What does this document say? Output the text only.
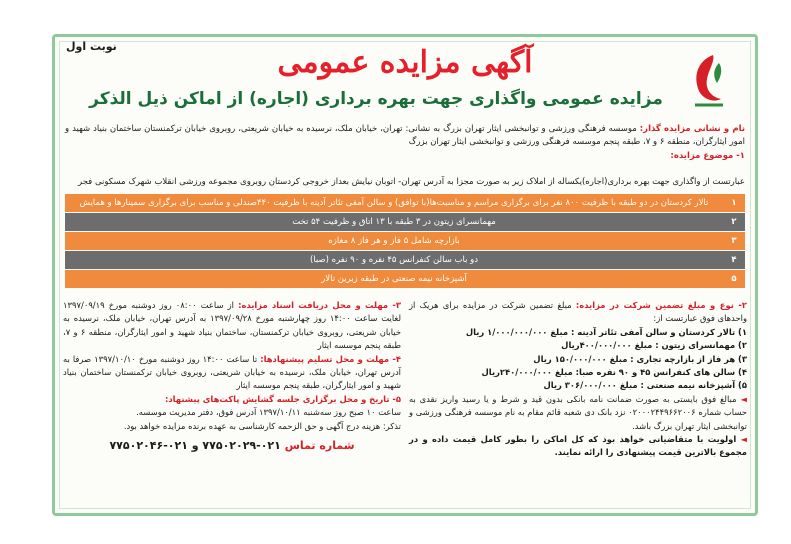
آگهی مزایده عمومی
مزایده عمومی واگذاری جهت بهره برداری (اجاره) از اماکن ذیل الذکر
نام و نشانی مزایده گذار: موسسه فرهنگی ورزشی و توانبخشی ایثار تهران بزرگ به نشانی: تهران، خیابان ملک، نرسیده به خیابان شریعتی، روبروی خیابان ترکمنستان ساختمان بنیاد شهید و امور ایثارگران، منطقه ۶ و ۷، طبقه پنجم موسسه فرهنگی ورزشی و توانبخشی ایثار تهران بزرگ
۱- موضوع مزایده:
عبارتست از واگذاری جهت بهره برداری(اجاره)یکساله از املاک زیر به صورت مجزا به آدرس تهران- اتوبان نیایش بعداز خروجی کردستان روبروی مجموعه ورزشی انقلاب شهرک مسکونی فجر
۱
تالار کردستان در دو طبقه با ظرفیت ۸۰۰ نفر برای برگزاری مراسم و مناسبت‌ها(با توافق) و سالن آمفی تئاتر آدینه با ظرفیت ۴۴۰صندلی و مناسب برای برگزاری سمینارها و همایش
۲
مهمانسرای زیتون در ۳ طبقه با ۱۳ اتاق و ظرفیت ۵۴ تخت
۳
بازارچه شامل ۵ فاز و هر فاز ۸ مغازه
۴
دو باب سالن کنفرانس ۴۵ نفره و ۹۰ نفره (صبا)
۵
آشپزخانه نیمه صنعتی در طبقه زیرین تالار
۲- نوع و مبلغ تضمین شرکت در مزایده: مبلغ تضمین شرکت در مزایده برای هریک از واحدهای فوق عبارتست از:
۱) تالار کردستان و سالن آمفی تئاتر آدینه : مبلغ ۱/۰۰۰/۰۰۰/۰۰۰ ریال
۲) مهمانسرای زیتون : مبلغ ۴۰۰/۰۰۰/۰۰۰ریال
۳) هر فاز از بازارچه تجاری : مبلغ ۱۵۰/۰۰۰/۰۰۰ ریال
۴) سالن های کنفرانس ۴۵ و ۹۰ نفره صبا: مبلغ ۲۴۰/۰۰۰/۰۰۰ریال
۵) آشپزخانه نیمه صنعتی : مبلغ ۳۰۶/۰۰۰/۰۰۰ ریال
◄ مبالغ فوق بایستی به صورت ضمانت نامه بانکی بدون قید و شرط و یا رسید واریز نقدی به حساب شماره ۰۲۰۰۰۲۴۴۹۶۶۲۰۰۶ نزد بانک دی شعبه قائم مقام به نام موسسه فرهنگی ورزشی و توانبخشی ایثار تهران بزرگ باشد.
◄ اولویت با متقاضیانی خواهد بود که کل اماکن را بطور کامل قیمت داده و در مجموع بالاترین قیمت پیشنهادی را ارائه نمایند.
۳- مهلت و محل دریافت اسناد مزایده: از ساعت ۰۸:۰۰ روز دوشنبه مورخ ۱۳۹۷/۰۹/۱۹ لغایت ساعت ۱۴:۰۰ روز چهارشنبه مورخ ۱۳۹۷/۰۹/۲۸ به آدرس تهران، خیابان ملک، نرسیده به خیابان شریعتی، روبروی خیابان ترکمنستان، ساختمان بنیاد شهید و امور ایثارگران، منطقه ۶ و ۷، طبقه پنجم موسسه ایثار
۴- مهلت و محل تسلیم پیشنهادها: تا ساعت ۱۴:۰۰ روز دوشنبه مورخ ۱۳۹۷/۱۰/۱۰ صرفا به آدرس تهران، خیابان ملک، نرسیده به خیابان شریعتی، روبروی خیابان ترکمنستان ساختمان بنیاد شهید و امور ایثارگران، طبقه پنجم موسسه ایثار
۵- تاریخ و محل برگزاری جلسه گشایش پاکت‌های پیشنهاد:
ساعت ۱۰ صبح روز سه‌شنبه ۱۳۹۷/۱۰/۱۱ آدرس فوق، دفتر مدیریت موسسه.
تذکر: هزینه درج آگهی و حق الزحمه کارشناسی به عهده برنده مزایده خواهد بود.
شماره تماس ۰۲۱-۷۷۵۰۲۰۲۹ و ۰۲۱-۷۷۵۰۲۰۴۶
نوبت اول
